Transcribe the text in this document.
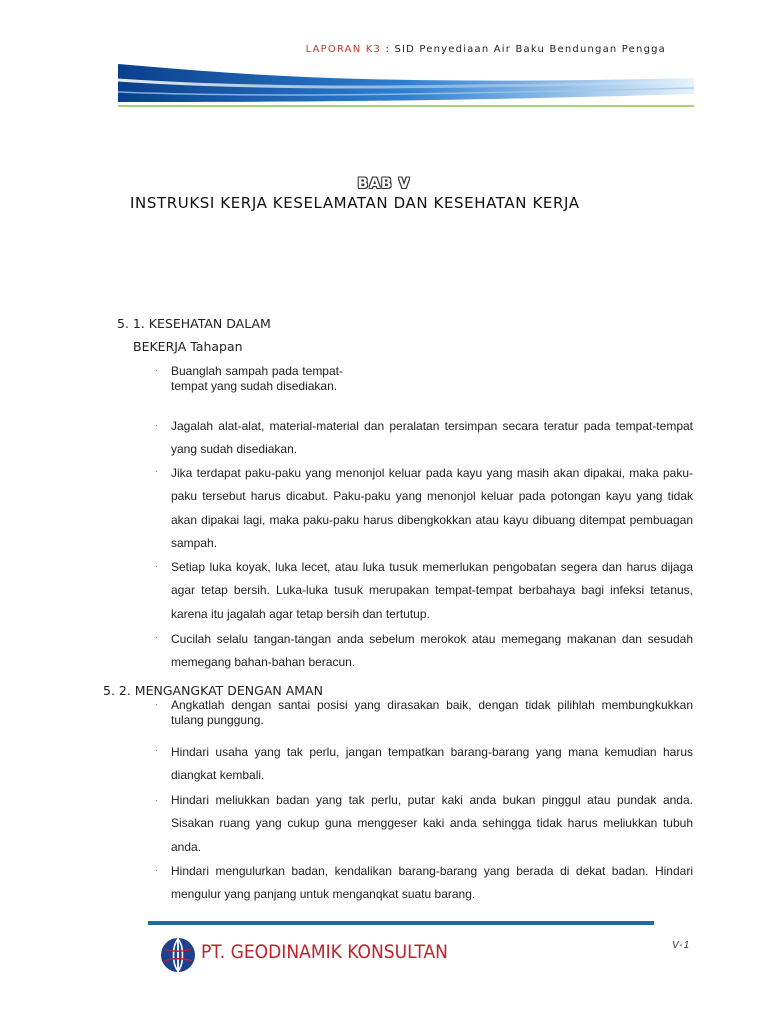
LAPORAN K3 : SID Penyediaan Air Baku Bendungan Pengga
BAB V
INSTRUKSI KERJA KESELAMATAN DAN KESEHATAN KERJA
5. 1. KESEHATAN DALAM
BEKERJA Tahapan
· Buanglah sampah pada tempat-tempat yang sudah disediakan.
· Jagalah alat-alat, material-material dan peralatan tersimpan secara teratur pada tempat-tempat yang sudah disediakan.
· Jika terdapat paku-paku yang menonjol keluar pada kayu yang masih akan dipakai, maka paku-paku tersebut harus dicabut. Paku-paku yang menonjol keluar pada potongan kayu yang tidak akan dipakai lagi, maka paku-paku harus dibengkokkan atau kayu dibuang ditempat pembuagan sampah.
· Setiap luka koyak, luka lecet, atau luka tusuk memerlukan pengobatan segera dan harus dijaga agar tetap bersih. Luka-luka tusuk merupakan tempat-tempat berbahaya bagi infeksi tetanus, karena itu jagalah agar tetap bersih dan tertutup.
· Cucilah selalu tangan-tangan anda sebelum merokok atau memegang makanan dan sesudah memegang bahan-bahan beracun.
5. 2. MENGANGKAT DENGAN AMAN
· Angkatlah dengan santai posisi yang dirasakan baik, dengan tidak pilihlah membungkukkan tulang punggung.
· Hindari usaha yang tak perlu, jangan tempatkan barang-barang yang mana kemudian harus diangkat kembali.
· Hindari meliukkan badan yang tak perlu, putar kaki anda bukan pinggul atau pundak anda. Sisakan ruang yang cukup guna menggeser kaki anda sehingga tidak harus meliukkan tubuh anda.
· Hindari mengulurkan badan, kendalikan barang-barang yang berada di dekat badan. Hindari mengulur yang panjang untuk menganqkat suatu barang.
PT. GEODINAMIK KONSULTAN	V-1
